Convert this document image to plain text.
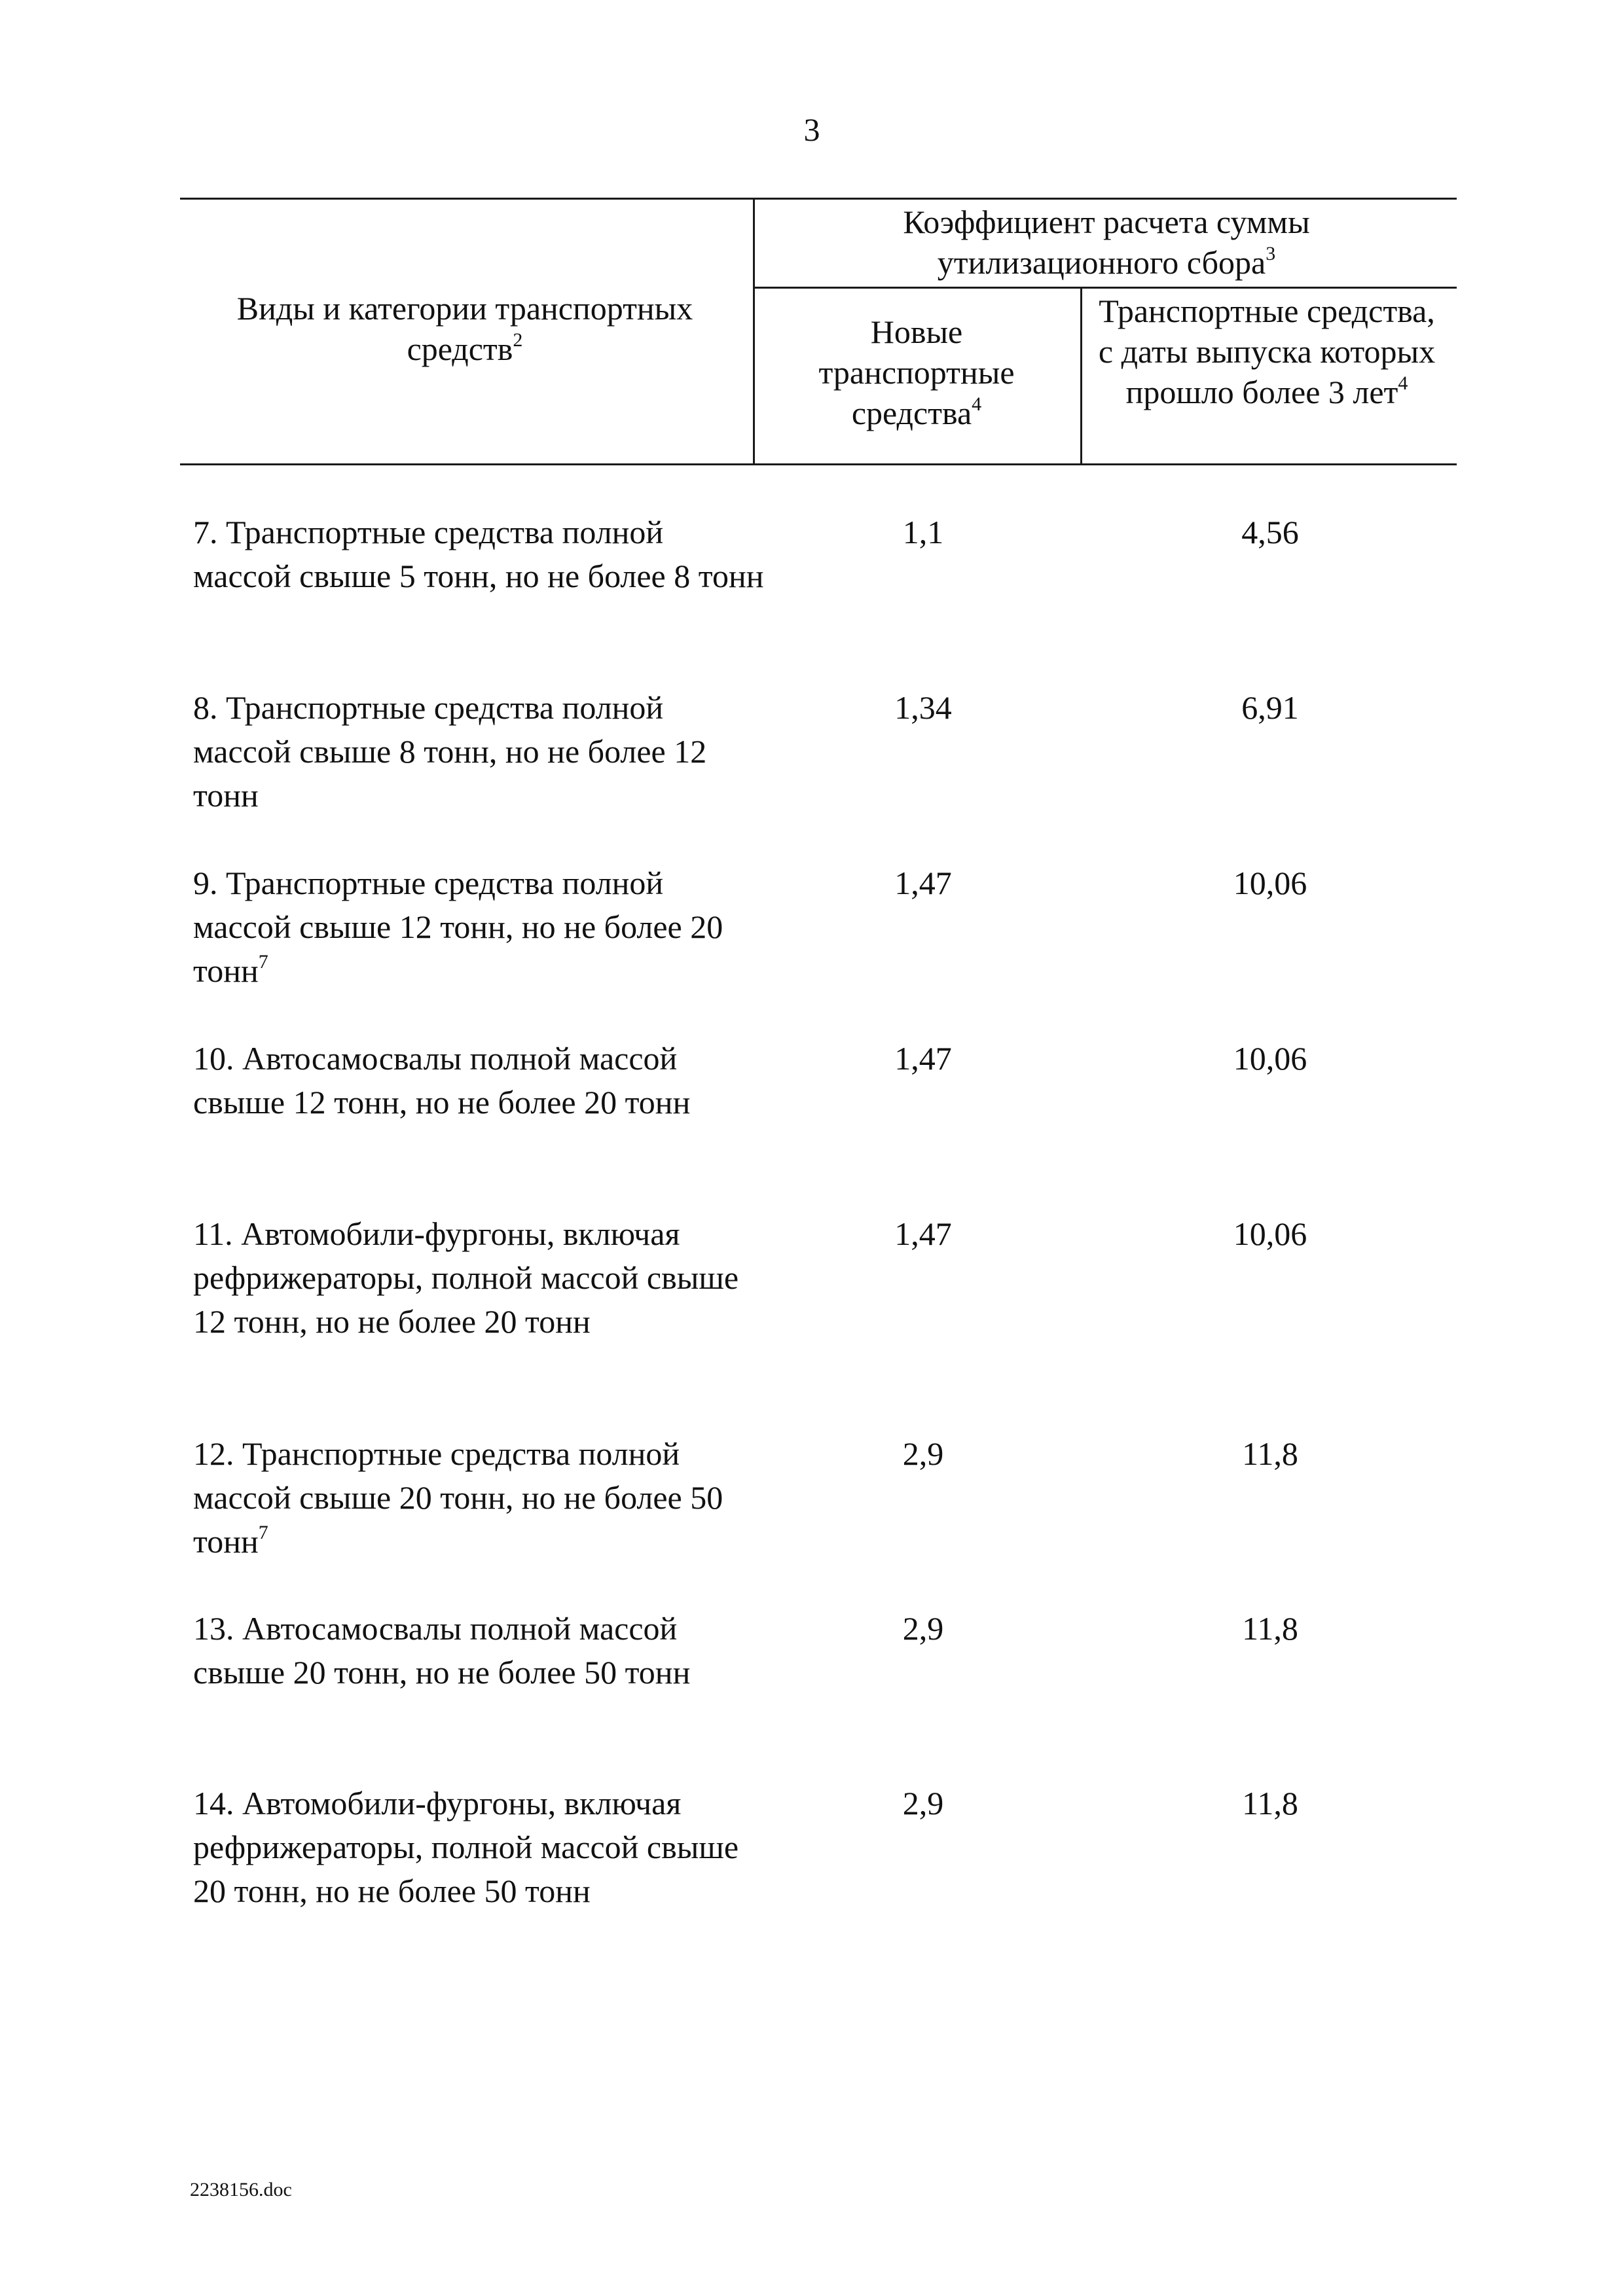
3
Виды и категории транспортных средств$^2$
Коэффициент расчета суммы утилизационного сбора$^3$
Новые транспортные средства$^4$
Транспортные средства, с даты выпуска которых прошло более 3 лет$^4$
7. Транспортные средства полной массой свыше 5 тонн, но не более 8 тонн
1,1	4,56
8. Транспортные средства полной массой свыше 8 тонн, но не более 12 тонн
1,34	6,91
9. Транспортные средства полной массой свыше 12 тонн, но не более 20 тонн$^7$
1,47	10,06
10. Автосамосвалы полной массой свыше 12 тонн, но не более 20 тонн
1,47	10,06
11. Автомобили-фургоны, включая рефрижераторы, полной массой свыше 12 тонн, но не более 20 тонн
1,47	10,06
12. Транспортные средства полной массой свыше 20 тонн, но не более 50 тонн$^7$
2,9	11,8
13. Автосамосвалы полной массой свыше 20 тонн, но не более 50 тонн
2,9	11,8
14. Автомобили-фургоны, включая рефрижераторы, полной массой свыше 20 тонн, но не более 50 тонн
2,9	11,8
2238156.doc
